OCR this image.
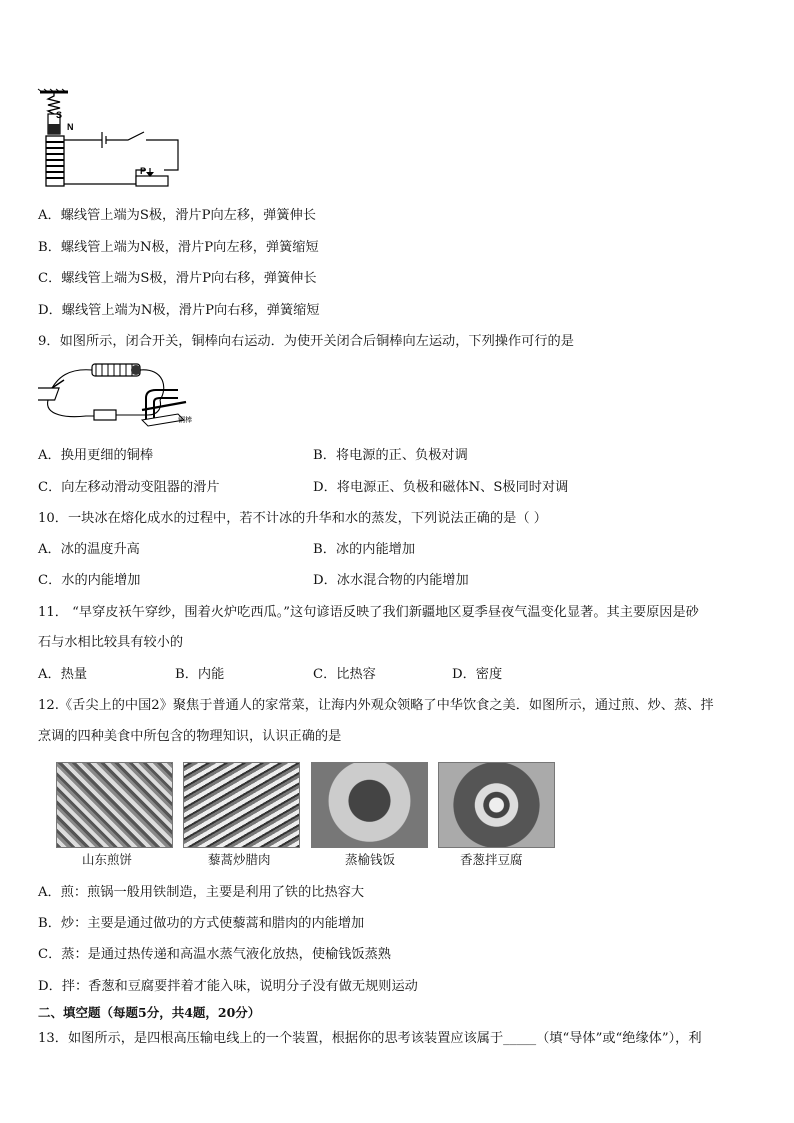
S
N
P
A．螺线管上端为S极，滑片P向左移，弹簧伸长
B．螺线管上端为N极，滑片P向左移，弹簧缩短
C．螺线管上端为S极，滑片P向右移，弹簧伸长
D．螺线管上端为N极，滑片P向右移，弹簧缩短
9．如图所示，闭合开关，铜棒向右运动．为使开关闭合后铜棒向左运动，下列操作可行的是
铜棒
A．换用更细的铜棒	B．将电源的正、负极对调
C．向左移动滑动变阻器的滑片	D．将电源正、负极和磁体N、S极同时对调
10．一块冰在熔化成水的过程中，若不计冰的升华和水的蒸发，下列说法正确的是（ ）
A．冰的温度升高	B．冰的内能增加
C．水的内能增加	D．冰水混合物的内能增加
11． “早穿皮袄午穿纱，围着火炉吃西瓜。”这句谚语反映了我们新疆地区夏季昼夜气温变化显著。其主要原因是砂
石与水相比较具有较小的
A．热量	B．内能	C．比热容	D．密度
12.《舌尖上的中国2》聚焦于普通人的家常菜，让海内外观众领略了中华饮食之美．如图所示，通过煎、炒、蒸、拌
烹调的四种美食中所包含的物理知识，认识正确的是
山东煎饼	藜蒿炒腊肉	蒸榆钱饭	香葱拌豆腐
A．煎：煎锅一般用铁制造，主要是利用了铁的比热容大
B．炒：主要是通过做功的方式使藜蒿和腊肉的内能增加
C．蒸：是通过热传递和高温水蒸气液化放热，使榆钱饭蒸熟
D．拌：香葱和豆腐要拌着才能入味，说明分子没有做无规则运动
二、填空题（每题5分，共4题，20分）
13．如图所示，是四根高压输电线上的一个装置，根据你的思考该装置应该属于_____（填“导体”或“绝缘体”），利
